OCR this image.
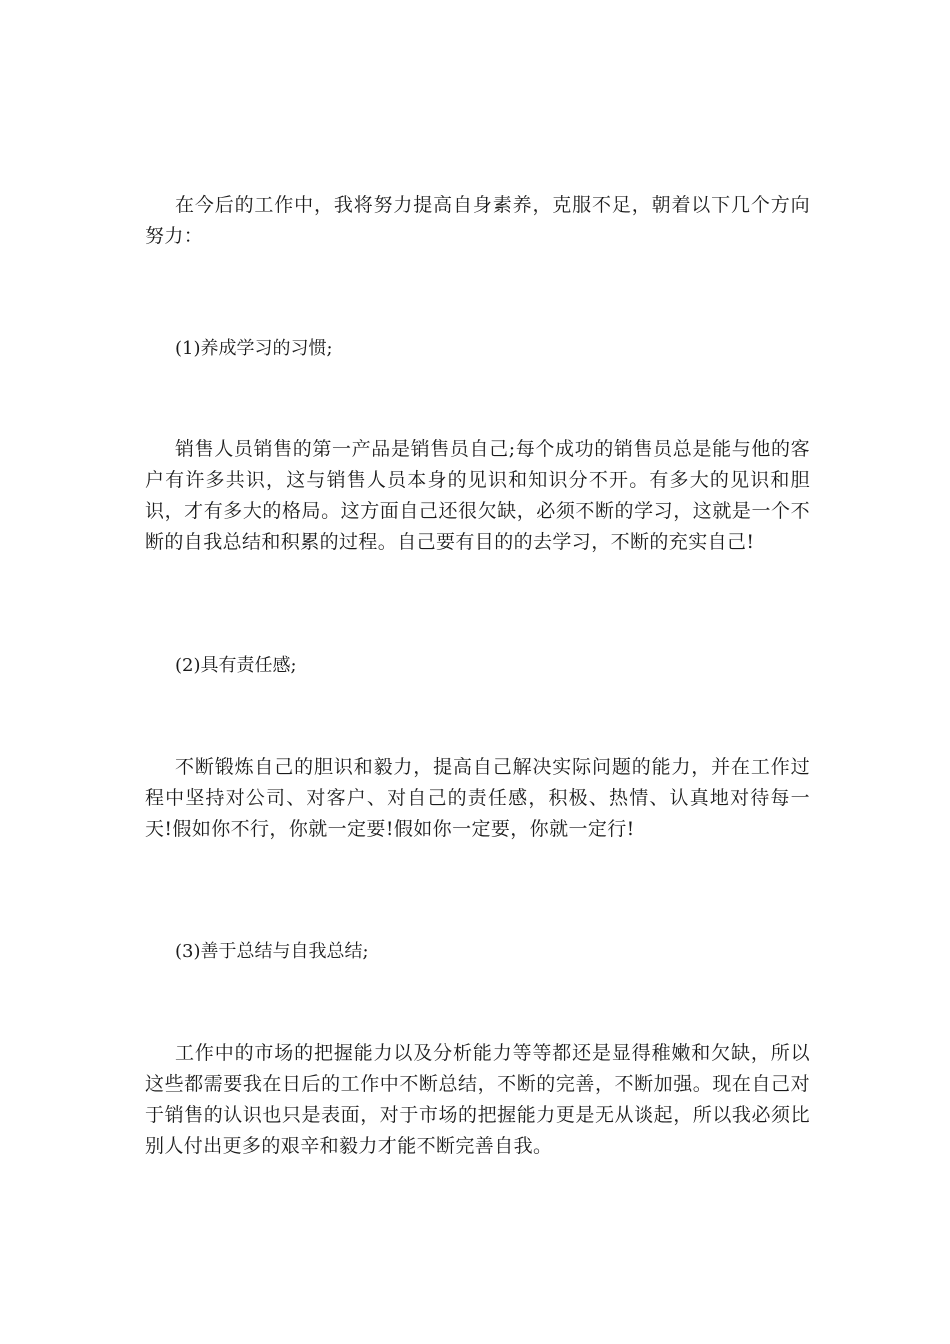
在今后的工作中，我将努力提高自身素养，克服不足，朝着以下几个方向努力：

(1)养成学习的习惯;

销售人员销售的第一产品是销售员自己;每个成功的销售员总是能与他的客户有许多共识，这与销售人员本身的见识和知识分不开。有多大的见识和胆识，才有多大的格局。这方面自己还很欠缺，必须不断的学习，这就是一个不断的自我总结和积累的过程。自己要有目的的去学习，不断的充实自己!

(2)具有责任感;

不断锻炼自己的胆识和毅力，提高自己解决实际问题的能力，并在工作过程中坚持对公司、对客户、对自己的责任感，积极、热情、认真地对待每一天!假如你不行，你就一定要!假如你一定要，你就一定行!

(3)善于总结与自我总结;

工作中的市场的把握能力以及分析能力等等都还是显得稚嫩和欠缺，所以这些都需要我在日后的工作中不断总结，不断的完善，不断加强。现在自己对于销售的认识也只是表面，对于市场的把握能力更是无从谈起，所以我必须比别人付出更多的艰辛和毅力才能不断完善自我。
